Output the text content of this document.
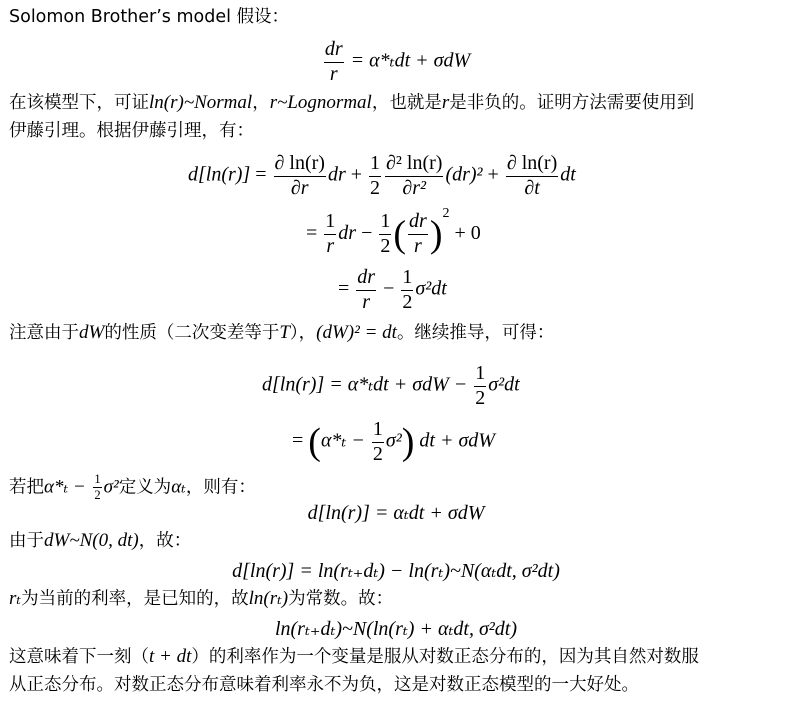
Solomon Brother’s model 假设：
$\frac{dr}{r} = \alpha*_tdt + \sigma dW$
在该模型下，可证ln(r)~Normal，r~Lognormal，也就是r是非负的。证明方法需要使用到
伊藤引理。根据伊藤引理，有：
$d[\ln(r)] = \frac{\partial \ln(r)}{\partial r}$ dr + $\frac{1}{2} \frac{\text{∂² ln(r)}}{\text{∂r²}} (dr)^2 + \frac{\partial \ln(r)}{\partial t}$ dt
= $\frac{1}{r}$ dr − $\frac{1}{2}$ ( $\frac{dr}{r} )^2 + 0$
= $\frac{dr}{r} - \frac{1}{2} \sigma^2dt$
注意由于dW的性质（二次变差等于T），(dW)² = dt。继续推导，可得：
$d[\ln(r)] = \alpha*_tdt + \sigma dW - \frac{1}{2} \sigma^2dt$
= $(\alpha*_t - \frac{1}{2} \sigma^2)$ dt + σdW
若把$\alpha*_t - \frac{1}{2} \sigma^2$定义为αₜ，则有：
d[ln(r)] = αₜdt + σdW
由于dW~N(0, dt)，故：
d[ln(r)] = ln(rₜ₊dₜ) − ln(rₜ)~N(αₜdt, σ²dt)
rₜ为当前的利率，是已知的，故ln(rₜ)为常数。故：
ln(rₜ₊dₜ)~N(ln(rₜ) + αₜdt, σ²dt)
这意味着下一刻（t + dt）的利率作为一个变量是服从对数正态分布的，因为其自然对数服
从正态分布。对数正态分布意味着利率永不为负，这是对数正态模型的一大好处。
